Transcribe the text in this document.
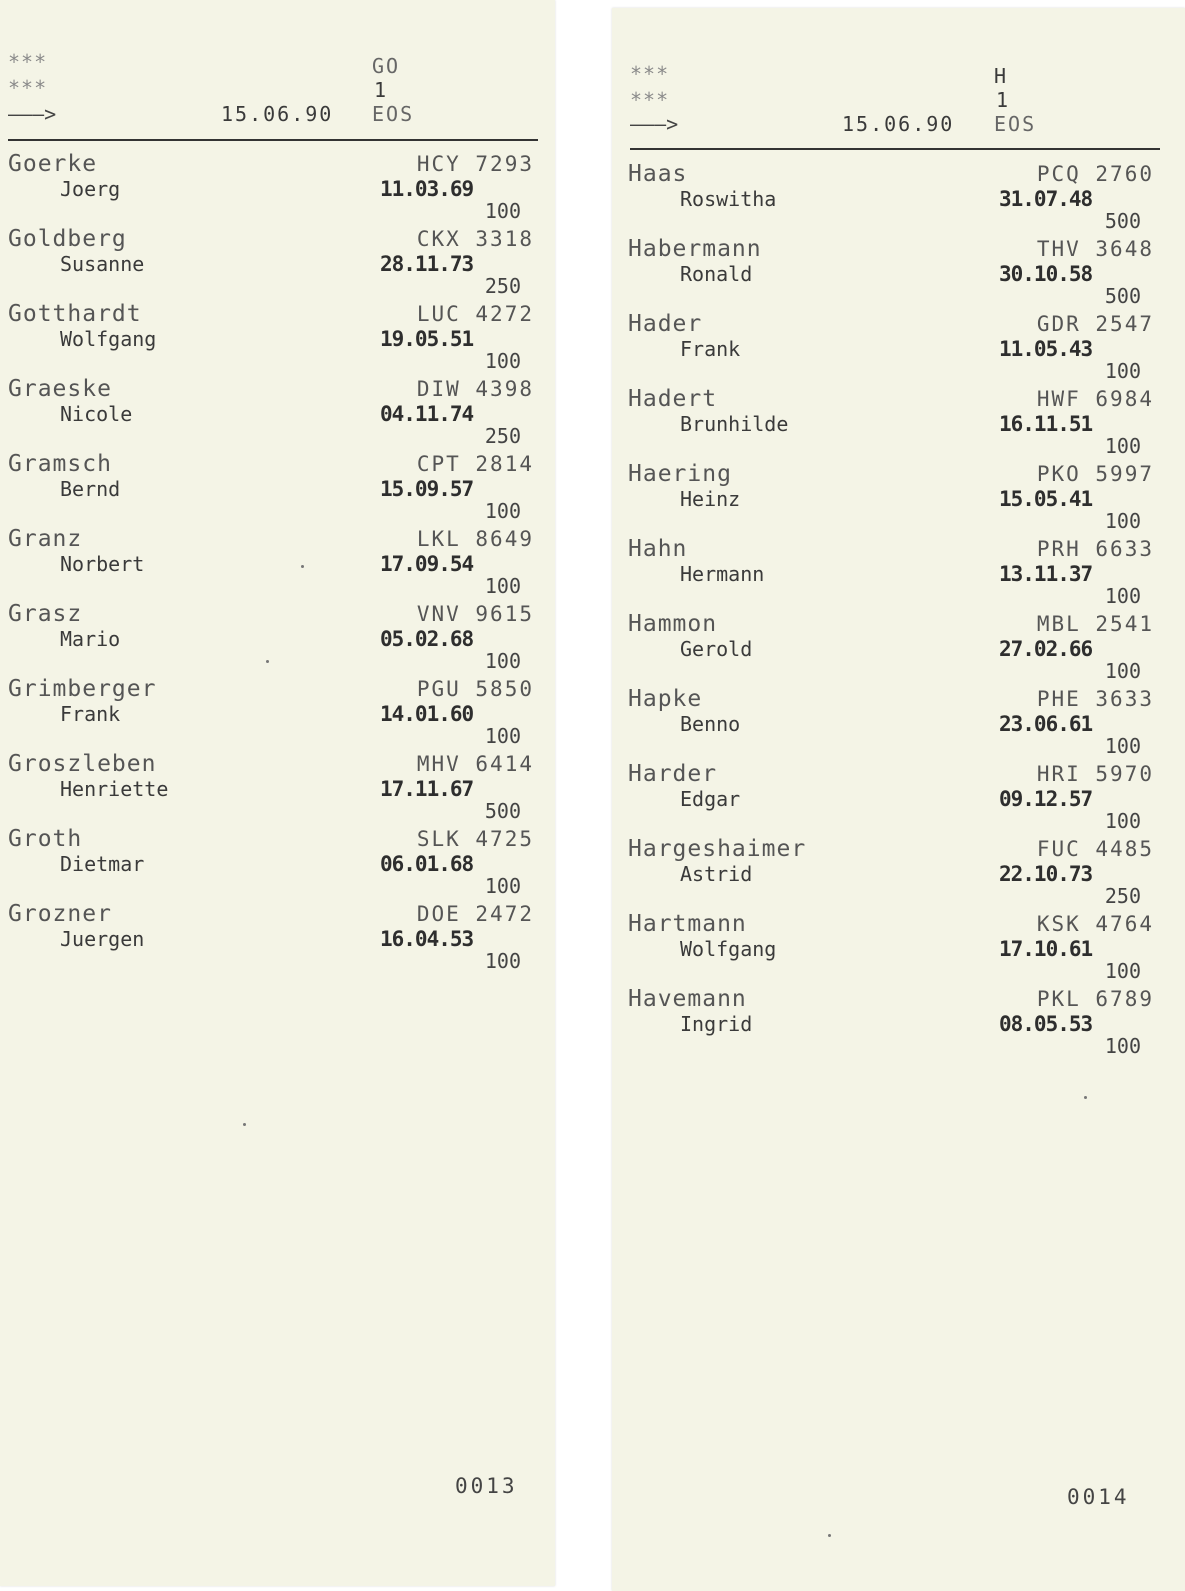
***
***
———>	15.06.90
GO
1
EOS
Goerke
Joerg
HCY 7293
11.03.69
100
Goldberg
Susanne
CKX 3318
28.11.73
250
Gotthardt
Wolfgang
LUC 4272
19.05.51
100
Graeske
Nicole
DIW 4398
04.11.74
250
Gramsch
Bernd
CPT 2814
15.09.57
100
Granz
Norbert
LKL 8649
17.09.54
100
Grasz
Mario
VNV 9615
05.02.68
100
Grimberger
Frank
PGU 5850
14.01.60
100
Groszleben
Henriette
MHV 6414
17.11.67
500
Groth
Dietmar
SLK 4725
06.01.68
100
Grozner
Juergen
DOE 2472
16.04.53
100
0013
***
***
———>	15.06.90
H
1
EOS
Haas
Roswitha
PCQ 2760
31.07.48
500
Habermann
Ronald
THV 3648
30.10.58
500
Hader
Frank
GDR 2547
11.05.43
100
Hadert
Brunhilde
HWF 6984
16.11.51
100
Haering
Heinz
PKO 5997
15.05.41
100
Hahn
Hermann
PRH 6633
13.11.37
100
Hammon
Gerold
MBL 2541
27.02.66
100
Hapke
Benno
PHE 3633
23.06.61
100
Harder
Edgar
HRI 5970
09.12.57
100
Hargeshaimer
Astrid
FUC 4485
22.10.73
250
Hartmann
Wolfgang
KSK 4764
17.10.61
100
Havemann
Ingrid
PKL 6789
08.05.53
100
0014
